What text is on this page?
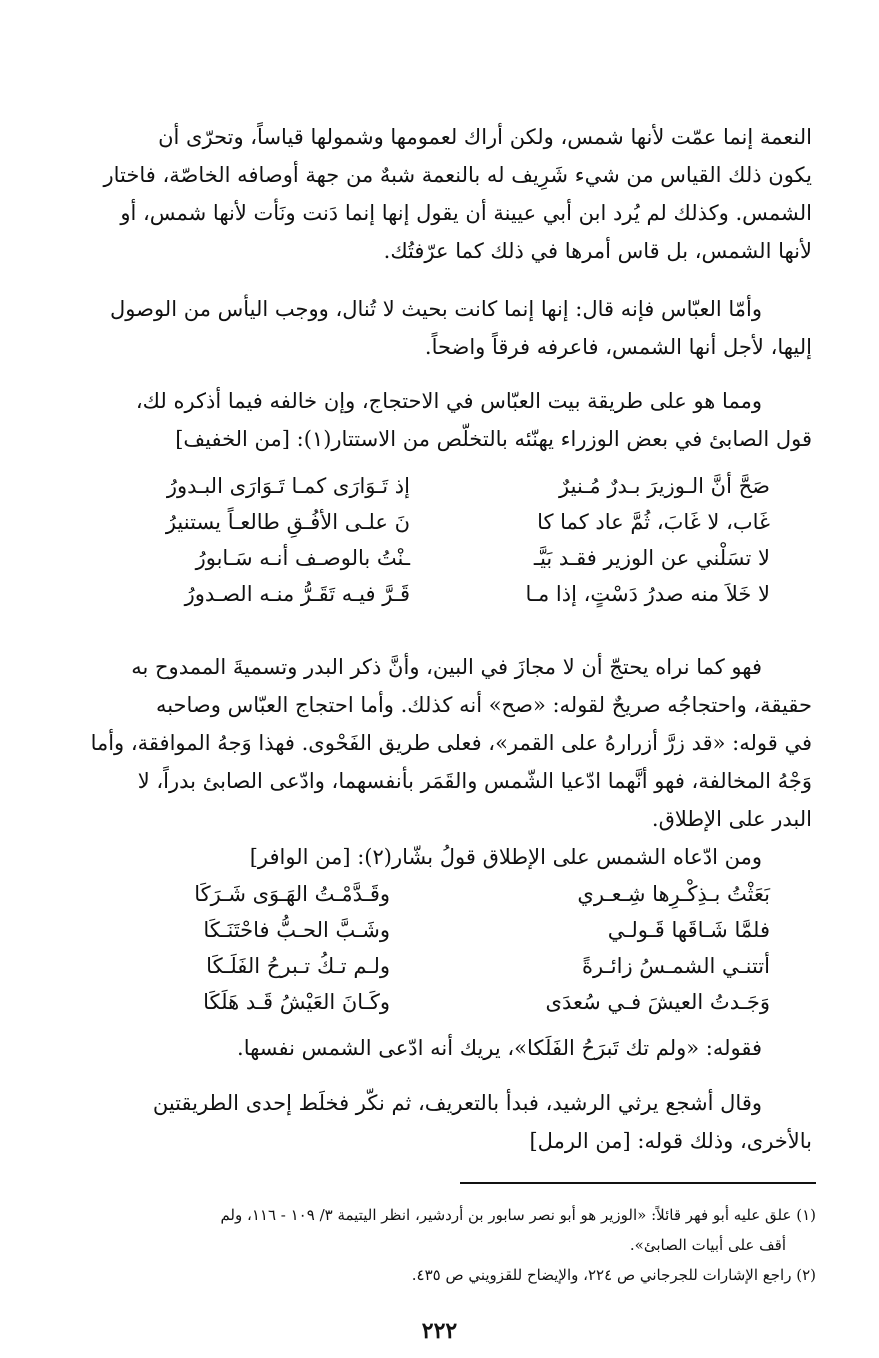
النعمة إنما عمّت لأنها شمس، ولكن أراك لعمومها وشمولها قياساً، وتحرّى أن
يكون ذلك القياس من شيء شَرِيف له بالنعمة شبهٌ من جهة أوصافه الخاصّة، فاختار
الشمس. وكذلك لم يُرد ابن أبي عيينة أن يقول إنها إنما دَنت ونَأت لأنها شمس، أو
لأنها الشمس، بل قاس أمرها في ذلك كما عرّفتُك.

وأمّا العبّاس فإنه قال: إنها إنما كانت بحيث لا تُنال، ووجب اليأس من الوصول
إليها، لأجل أنها الشمس، فاعرفه فرقاً واضحاً.

ومما هو على طريقة بيت العبّاس في الاحتجاج، وإن خالفه فيما أذكره لك،
قول الصابئ في بعض الوزراء يهنّئه بالتخلّص من الاستتار(١): [من الخفيف]

صَحَّ أنَّ الـوزيرَ بـدرٌ مُـنيرٌ
إذ تَـوَارَى كمـا تَـوَارَى البـدورُ
غَاب، لا غَابَ، ثُمَّ عاد كما كا
نَ علـى الأفُـقِ طالعـاً يستنيرُ
لا تسَلْني عن الوزير فقـد بَيَّـ
ـنْتُ بالوصـف أنـه سَـابورُ
لا خَلاَ منه صدرُ دَسْتٍ، إذا مـا
قَـرَّ فيـه تَقَـرُّ منـه الصـدورُ

فهو كما نراه يحتجّ أن لا مجازَ في البين، وأنَّ ذكر البدر وتسميةَ الممدوح به
حقيقة، واحتجاجُه صريحٌ لقوله: «صح» أنه كذلك. وأما احتجاج العبّاس وصاحبه
في قوله: «قد زرَّ أزرارهُ على القمر»، فعلى طريق الفَحْوى. فهذا وَجهُ الموافقة، وأما
وَجْهُ المخالفة، فهو أنَّهما ادّعيا الشّمس والقَمَر بأنفسهما، وادّعى الصابئ بدراً، لا
البدر على الإطلاق.

ومن ادّعاه الشمس على الإطلاق قولُ بشّار(٢): [من الوافر]

بَعَثْتُ بـذِكْـرِها شِـعـري
وقَـدَّمْـتُ الهَـوَى شَـرَكَا
فلمَّا شَـاقَها قَـولـي
وشَـبَّ الحـبُّ فاحْتَنَـكَا
أتتنـي الشمـسُ زائـرةً
ولـم تـكُ تـبرحُ الفَلَـكَا
وَجَـدتُ العيشَ فـي سُعدَى
وكَـانَ العَيْشُ قَـد هَلَكَا

فقوله: «ولم تك تَبرَحُ الفَلَكا»، يريك أنه ادّعى الشمس نفسها.

وقال أشجع يرثي الرشيد، فبدأ بالتعريف، ثم نكّر فخلَط إحدى الطريقتين
بالأخرى، وذلك قوله: [من الرمل]

(١) علق عليه أبو فهر قائلاً: «الوزير هو أبو نصر سابور بن أردشير، انظر اليتيمة ٣/ ١٠٩ - ١١٦، ولم
أقف على أبيات الصابئ».
(٢) راجع الإشارات للجرجاني ص ٢٢٤، والإيضاح للقزويني ص ٤٣٥.
٢٢٢
